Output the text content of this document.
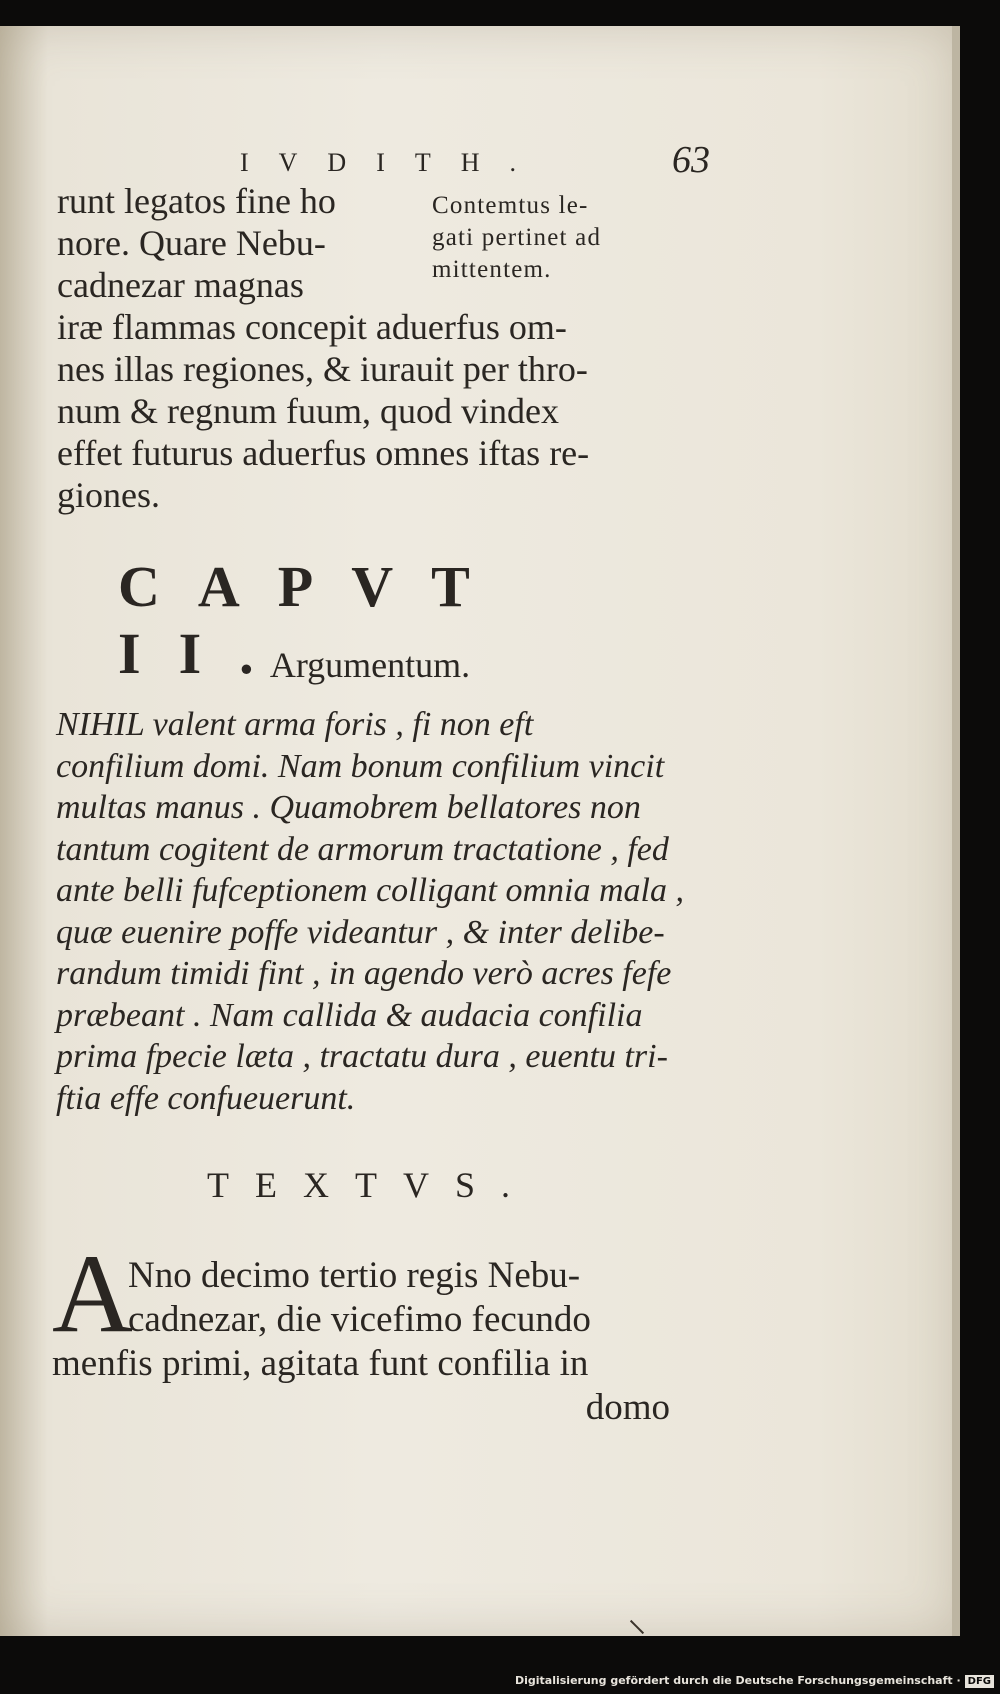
IVDITH.	63
runt legatos fine ho
nore. Quare Nebu-
cadnezar magnas
iræ flammas concepit aduerfus om-
nes illas regiones, & iurauit per thro-
num & regnum fuum, quod vindex
effet futurus aduerfus omnes iftas re-
giones.
Contemtus le-
gati pertinet ad
mittentem.
CAPVT II.
Argumentum.
NIHIL valent arma foris , fi non eft
confilium domi. Nam bonum confilium vincit
multas manus . Quamobrem bellatores non
tantum cogitent de armorum tractatione , fed
ante belli fufceptionem colligant omnia mala ,
quæ euenire poffe videantur , & inter delibe-
randum timidi fint , in agendo verò acres fefe
præbeant . Nam callida & audacia confilia
prima fpecie læta , tractatu dura , euentu tri-
ftia effe confueuerunt.
TEXTVS.
A
Nno decimo tertio regis Nebu-
cadnezar, die vicefimo fecundo
menfis primi, agitata funt confilia in
domo
Digitalisierung gefördert durch die Deutsche Forschungsgemeinschaft · DFG
